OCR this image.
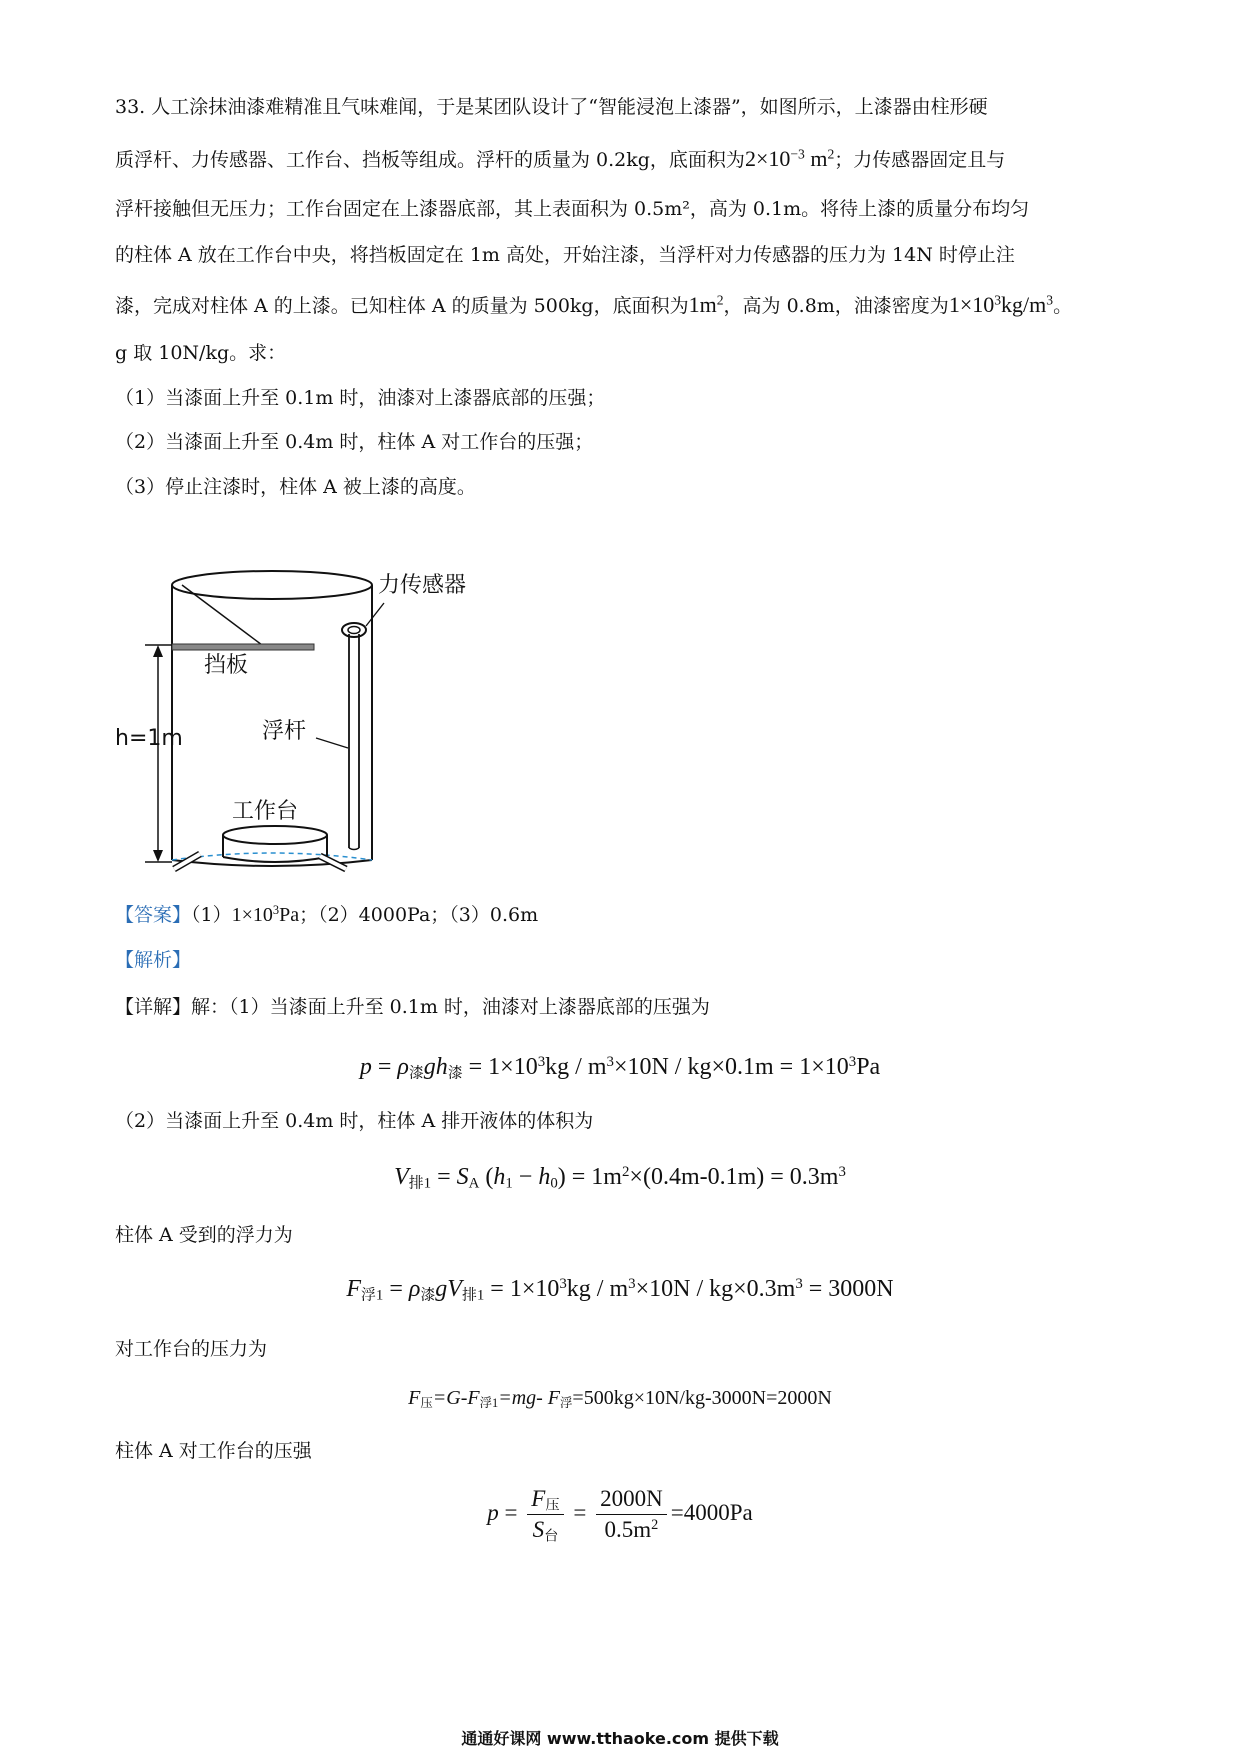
33. 人工涂抹油漆难精准且气味难闻，于是某团队设计了“智能浸泡上漆器”，如图所示，上漆器由柱形硬
质浮杆、力传感器、工作台、挡板等组成。浮杆的质量为 0.2kg，底面积为$2\times 10^{-3}$ $m^2$；力传感器固定且与
浮杆接触但无压力；工作台固定在上漆器底部，其上表面积为 0.5m²，高为 0.1m。将待上漆的质量分布均匀
的柱体 A 放在工作台中央，将挡板固定在 1m 高处，开始注漆，当浮杆对力传感器的压力为 14N 时停止注
漆，完成对柱体 A 的上漆。已知柱体 A 的质量为 500kg，底面积为$1m^2$，高为 0.8m，油漆密度为$1\times 10^3kg/m^3$。
g 取 10N/kg。求：
（1）当漆面上升至 0.1m 时，油漆对上漆器底部的压强；
（2）当漆面上升至 0.4m 时，柱体 A 对工作台的压强；
（3）停止注漆时，柱体 A 被上漆的高度。
力传感器
挡板
浮杆
h=1m
工作台
【答案】$(1)1\times 10^3Pa$；（2）4000Pa；（3）0.6m
【解析】
【详解】解：（1）当漆面上升至 0.1m 时，油漆对上漆器底部的压强为
$p = \rho_漆gh_漆 = 1\times 10^3kg / m^3\times 10N / kg\times 0.1m = 1\times 10^3Pa$
（2）当漆面上升至 0.4m 时，柱体 A 排开液体的体积为
$V_{排1} = S_A$ $(h_1 - h_0) = 1m^2\times(0.4m-0.1m) = 0.3m^3$
柱体 A 受到的浮力为
$F_{浮1} = \rho_漆gV_{排1} = 1\times 10^3kg / m^3\times 10N / kg\times 0.3m^3 = 3000N$
对工作台的压力为
$F_压=G-F_{浮1}=mg-$ $F_浮=500kg\times 10N/kg-3000N=2000N$
柱体 A 对工作台的压强
$p = \frac{F_压}{S_台} = \frac{2000N}{0.5m^2} =4000Pa$
通通好课网 www.tthaoke.com 提供下载
